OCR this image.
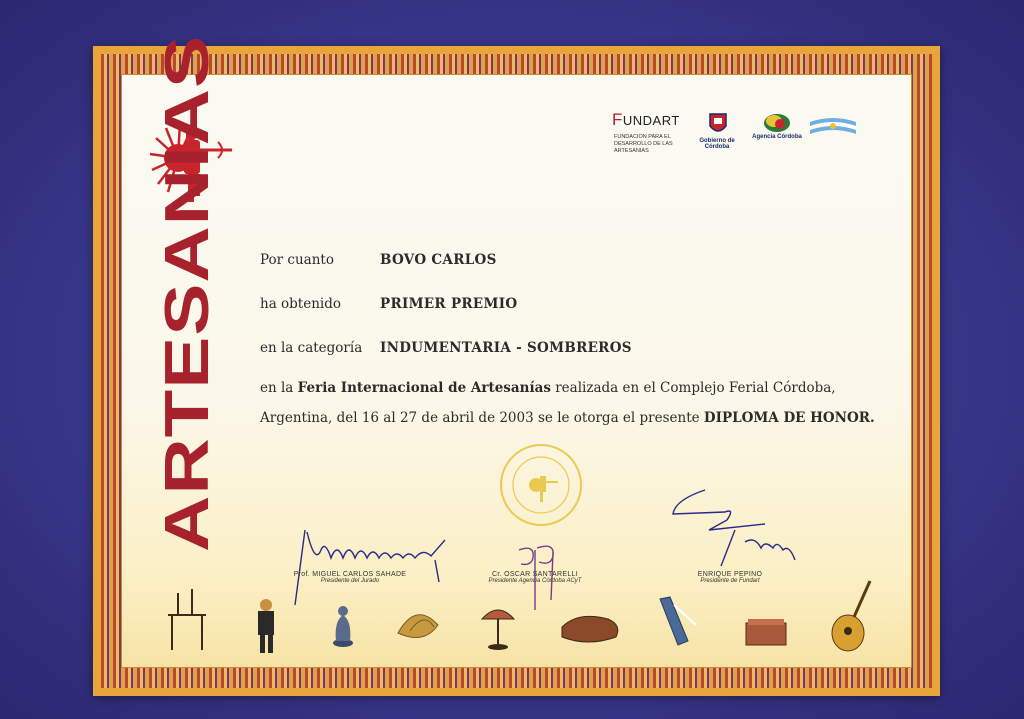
ARTESANIAS	FUNDART
FUNDACION PARA EL DESARROLLO DE LAS ARTESANIAS
Gobierno de Córdoba
Agencia Córdoba
Por cuanto	BOVO CARLOS
ha obtenido	PRIMER PREMIO
en la categoría INDUMENTARIA - SOMBREROS
en la Feria Internacional de Artesanías realizada en el Complejo Ferial Córdoba,
Argentina, del 16 al 27 de abril de 2003 se le otorga el presente DIPLOMA DE HONOR.
Prof. MIGUEL CARLOS SAHADE
Presidente del Jurado
Cr. OSCAR SANTARELLI
Presidente Agencia Córdoba ACyT
ENRIQUE PEPINO
Presidente de Fundart
